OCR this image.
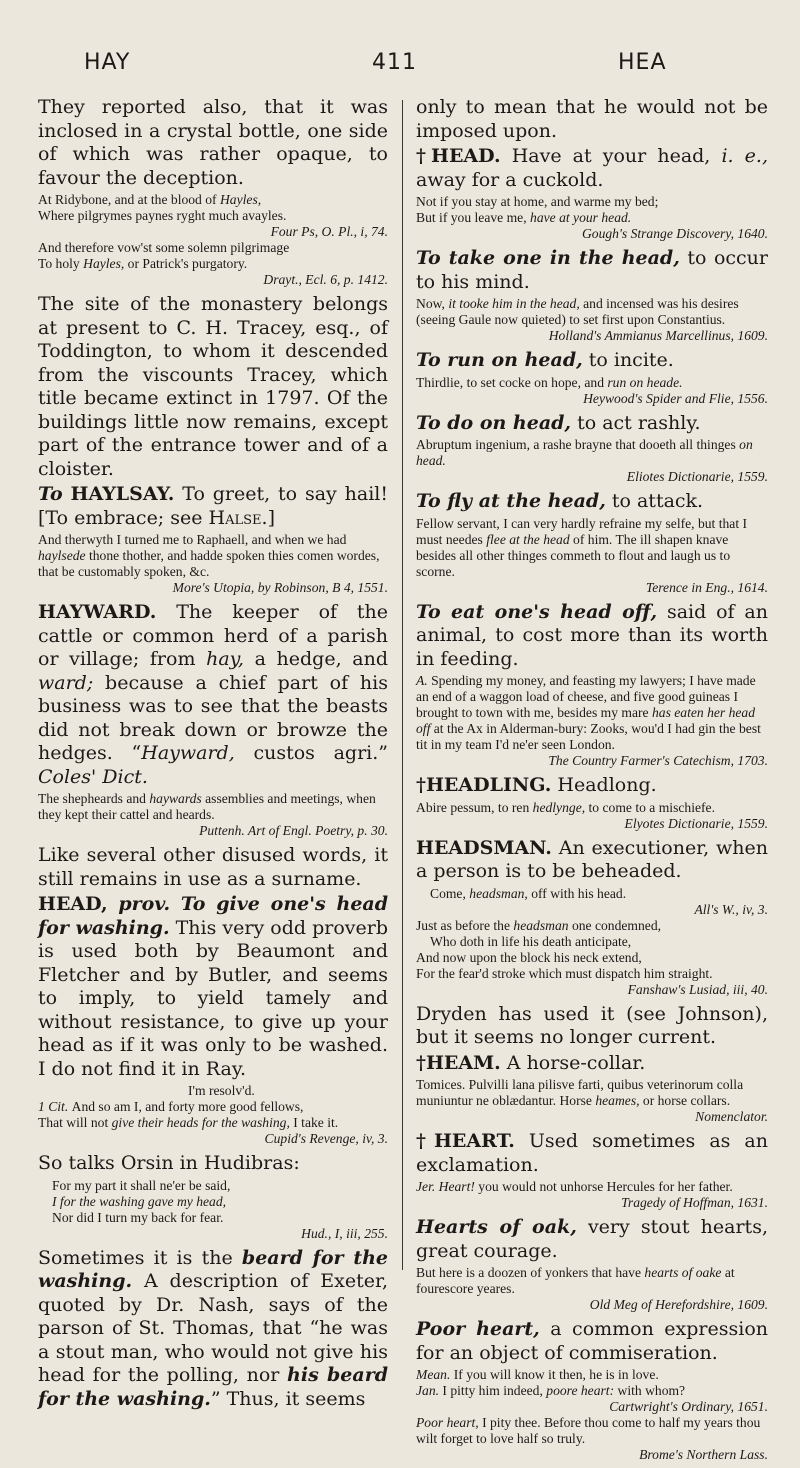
HAY	411	HEA

They reported also, that it was inclosed in a crystal bottle, one side of which was rather opaque, to favour the deception.

At Ridybone, and at the blood of Hayles,
Where pilgrymes paynes ryght much avayles.
Four Ps, O. Pl., i, 74.
And therefore vow'st some solemn pilgrimage
To holy Hayles, or Patrick's purgatory.
Drayt., Ecl. 6, p. 1412.

The site of the monastery belongs at present to C. H. Tracey, esq., of Toddington, to whom it descended from the viscounts Tracey, which title became extinct in 1797. Of the buildings little now remains, except part of the entrance tower and of a cloister.

To HAYLSAY. To greet, to say hail! [To embrace; see Halse.]

And therwyth I turned me to Raphaell, and when we had haylsede thone thother, and hadde spoken thies comen wordes, that be customably spoken, &c.
More's Utopia, by Robinson, B 4, 1551.

HAYWARD. The keeper of the cattle or common herd of a parish or village; from hay, a hedge, and ward; because a chief part of his business was to see that the beasts did not break down or browze the hedges. “Hayward, custos agri.” Coles' Dict.

The shepheards and haywards assemblies and meetings, when they kept their cattel and heards.
Puttenh. Art of Engl. Poetry, p. 30.

Like several other disused words, it still remains in use as a surname.

HEAD, prov. To give one's head for washing. This very odd proverb is used both by Beaumont and Fletcher and by Butler, and seems to imply, to yield tamely and without resistance, to give up your head as if it was only to be washed. I do not find it in Ray.

I'm resolv'd.
1 Cit. And so am I, and forty more good fellows,
That will not give their heads for the washing, I take it.
Cupid's Revenge, iv, 3.

So talks Orsin in Hudibras:

For my part it shall ne'er be said,
I for the washing gave my head,
Nor did I turn my back for fear.
Hud., I, iii, 255.

Sometimes it is the beard for the washing. A description of Exeter, quoted by Dr. Nash, says of the parson of St. Thomas, that “he was a stout man, who would not give his head for the polling, nor his beard for the washing.” Thus, it seems

only to mean that he would not be imposed upon.

†HEAD. Have at your head, i. e., away for a cuckold.

Not if you stay at home, and warme my bed;
But if you leave me, have at your head.
Gough's Strange Discovery, 1640.

To take one in the head, to occur to his mind.

Now, it tooke him in the head, and incensed was his desires (seeing Gaule now quieted) to set first upon Constantius.
Holland's Ammianus Marcellinus, 1609.

To run on head, to incite.

Thirdlie, to set cocke on hope, and run on heade.
Heywood's Spider and Flie, 1556.

To do on head, to act rashly.

Abruptum ingenium, a rashe brayne that dooeth all thinges on head.
Eliotes Dictionarie, 1559.

To fly at the head, to attack.

Fellow servant, I can very hardly refraine my selfe, but that I must needes flee at the head of him. The ill shapen knave besides all other thinges commeth to flout and laugh us to scorne.
Terence in Eng., 1614.

To eat one's head off, said of an animal, to cost more than its worth in feeding.

A. Spending my money, and feasting my lawyers; I have made an end of a waggon load of cheese, and five good guineas I brought to town with me, besides my mare has eaten her head off at the Ax in Alderman-bury: Zooks, wou'd I had gin the best tit in my team I'd ne'er seen London.
The Country Farmer's Catechism, 1703.

†HEADLING. Headlong.

Abire pessum, to ren hedlynge, to come to a mischiefe.
Elyotes Dictionarie, 1559.

HEADSMAN. An executioner, when a person is to be beheaded.

Come, headsman, off with his head.
All's W., iv, 3.
Just as before the headsman one condemned,
Who doth in life his death anticipate,
And now upon the block his neck extend,
For the fear'd stroke which must dispatch him straight.
Fanshaw's Lusiad, iii, 40.

Dryden has used it (see Johnson), but it seems no longer current.

†HEAM. A horse-collar.

Tomices. Pulvilli lana pilisve farti, quibus veterinorum colla muniuntur ne oblædantur. Horse heames, or horse collars.
Nomenclator.

†HEART. Used sometimes as an exclamation.

Jer. Heart! you would not unhorse Hercules for her father.
Tragedy of Hoffman, 1631.

Hearts of oak, very stout hearts, great courage.

But here is a doozen of yonkers that have hearts of oake at fourescore yeares.
Old Meg of Herefordshire, 1609.

Poor heart, a common expression for an object of commiseration.

Mean. If you will know it then, he is in love.
Jan. I pitty him indeed, poore heart: with whom?
Cartwright's Ordinary, 1651.
Poor heart, I pity thee. Before thou come to half my years thou wilt forget to love half so truly.
Brome's Northern Lass.
